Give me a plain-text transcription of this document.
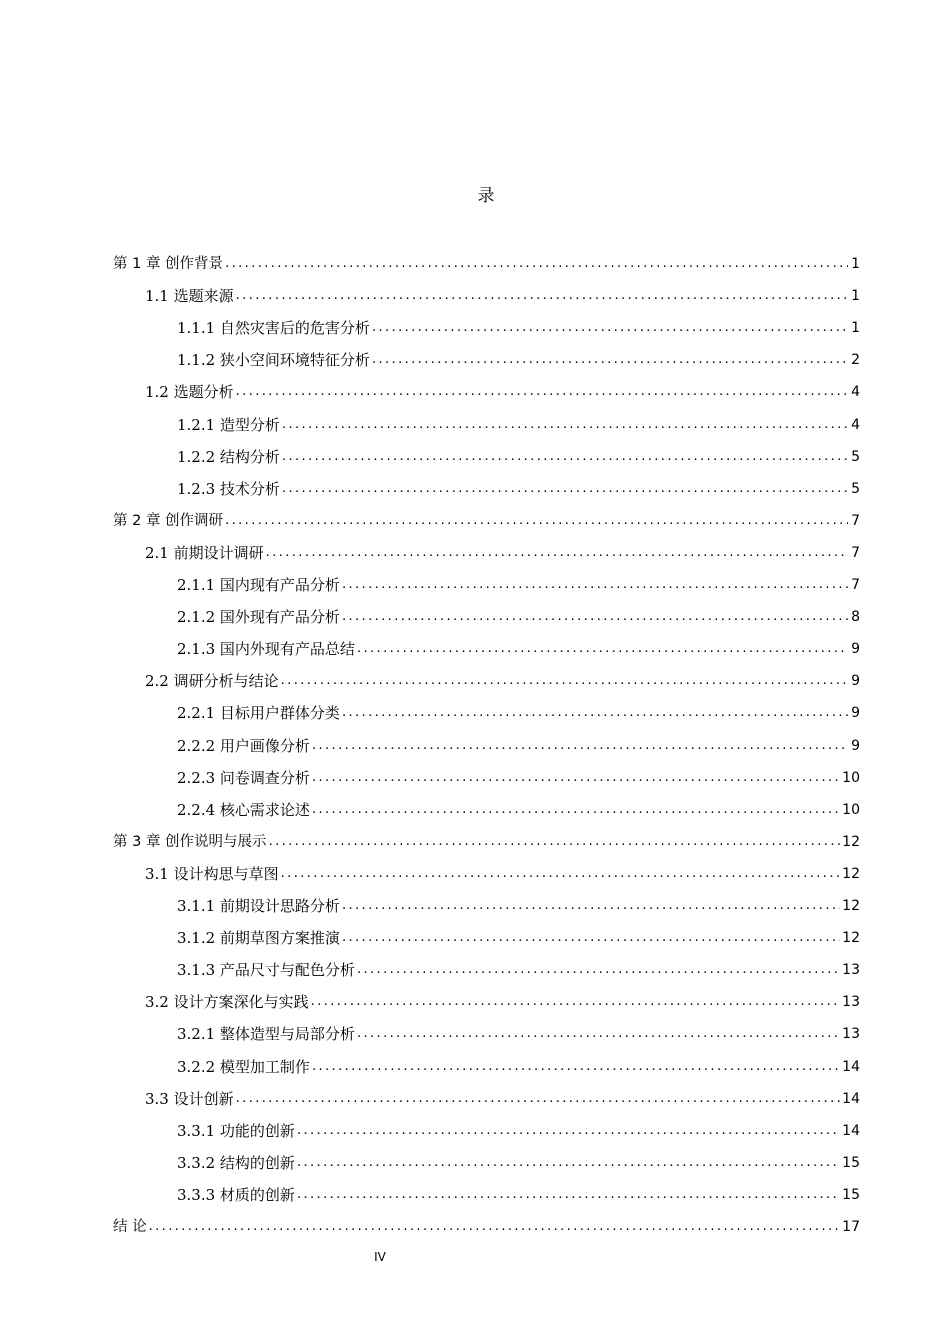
录
第 1 章 创作背景 .....	1
1.1 选题来源 .....	1
1.1.1 自然灾害后的危害分析 .....	1
1.1.2 狭小空间环境特征分析 .....	2
1.2 选题分析 .....	4
1.2.1 造型分析 .....	4
1.2.2 结构分析 .....	5
1.2.3 技术分析 .....	5
第 2 章 创作调研 .....	7
2.1 前期设计调研 .....	7
2.1.1 国内现有产品分析 .....	7
2.1.2 国外现有产品分析 .....	8
2.1.3 国内外现有产品总结 .....	9
2.2 调研分析与结论 .....	9
2.2.1 目标用户群体分类 .....	9
2.2.2 用户画像分析 .....	9
2.2.3 问卷调查分析 .....	10
2.2.4 核心需求论述 .....	10
第 3 章 创作说明与展示 .....	12
3.1 设计构思与草图 .....	12
3.1.1 前期设计思路分析 .....	12
3.1.2 前期草图方案推演 .....	12
3.1.3 产品尺寸与配色分析 .....	13
3.2 设计方案深化与实践 .....	13
3.2.1 整体造型与局部分析 .....	13
3.2.2 模型加工制作 .....	14
3.3 设计创新 .....	14
3.3.1 功能的创新 .....	14
3.3.2 结构的创新 .....	15
3.3.3 材质的创新 .....	15
结 论 .....	17
IV
